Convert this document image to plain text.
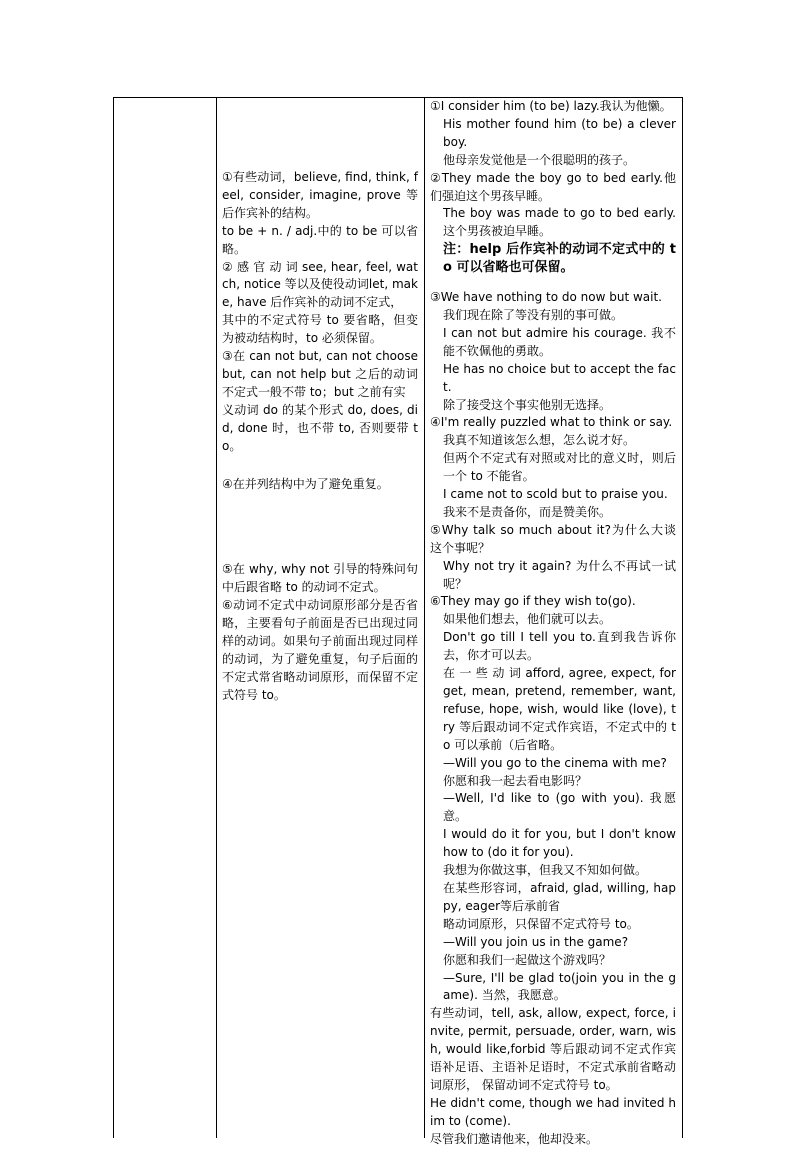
①有些动词，believe, find, think, feel, consider, imagine, prove 等后作宾补的结构。

to be + n. / adj.中的 to be 可以省略。

② 感 官 动 词 see, hear, feel, watch, notice 等以及使役动词let, make, have 后作宾补的动词不定式，

其中的不定式符号 to 要省略，但变为被动结构时，to 必须保留。

③在 can not but, can not choose but, can not help but 之后的动词不定式一般不带 to；but 之前有实

义动词 do 的某个形式 do, does, did, done 时，也不带 to, 否则要带 to。

④在并列结构中为了避免重复。

⑤在 why, why not 引导的特殊问句中后跟省略 to 的动词不定式。

⑥动词不定式中动词原形部分是否省略，主要看句子前面是否已出现过同样的动词。如果句子前面出现过同样的动词，为了避免重复，句子后面的不定式常省略动词原形，而保留不定式符号 to。

①I consider him (to be) lazy.我认为他懒。

His mother found him (to be) a clever boy.

他母亲发觉他是一个很聪明的孩子。

②They made the boy go to bed early.他们强迫这个男孩早睡。

The boy was made to go to bed early.这个男孩被迫早睡。

注：help 后作宾补的动词不定式中的 to 可以省略也可保留。

③We have nothing to do now but wait.

我们现在除了等没有别的事可做。

I can not but admire his courage. 我不能不钦佩他的勇敢。

He has no choice but to accept the fact.

除了接受这个事实他别无选择。

④I'm really puzzled what to think or say.

我真不知道该怎么想，怎么说才好。

但两个不定式有对照或对比的意义时，则后一个 to 不能省。

I came not to scold but to praise you.

我来不是责备你，而是赞美你。

⑤Why talk so much about it?为什么大谈这个事呢？

Why not try it again? 为什么不再试一试呢？

⑥They may go if they wish to(go).

如果他们想去，他们就可以去。

Don't go till I tell you to.直到我告诉你去，你才可以去。

在 一 些 动 词 afford, agree, expect, forget, mean, pretend, remember, want, refuse, hope, wish, would like (love), try 等后跟动词不定式作宾语，不定式中的 to 可以承前（后省略。

—Will you go to the cinema with me?

你愿和我一起去看电影吗？

—Well, I'd like to (go with you). 我愿意。

I would do it for you, but I don't know how to (do it for you).

我想为你做这事，但我又不知如何做。

在某些形容词，afraid, glad, willing, happy, eager等后承前省

略动词原形，只保留不定式符号 to。

—Will you join us in the game?

你愿和我们一起做这个游戏吗？

—Sure, I'll be glad to(join you in the game). 当然，我愿意。

有些动词，tell, ask, allow, expect, force, invite, permit, persuade, order, warn, wish, would like,forbid 等后跟动词不定式作宾语补足语、主语补足语时，不定式承前省略动词原形， 保留动词不定式符号 to。

He didn't come, though we had invited him to (come).

尽管我们邀请他来，他却没来。
